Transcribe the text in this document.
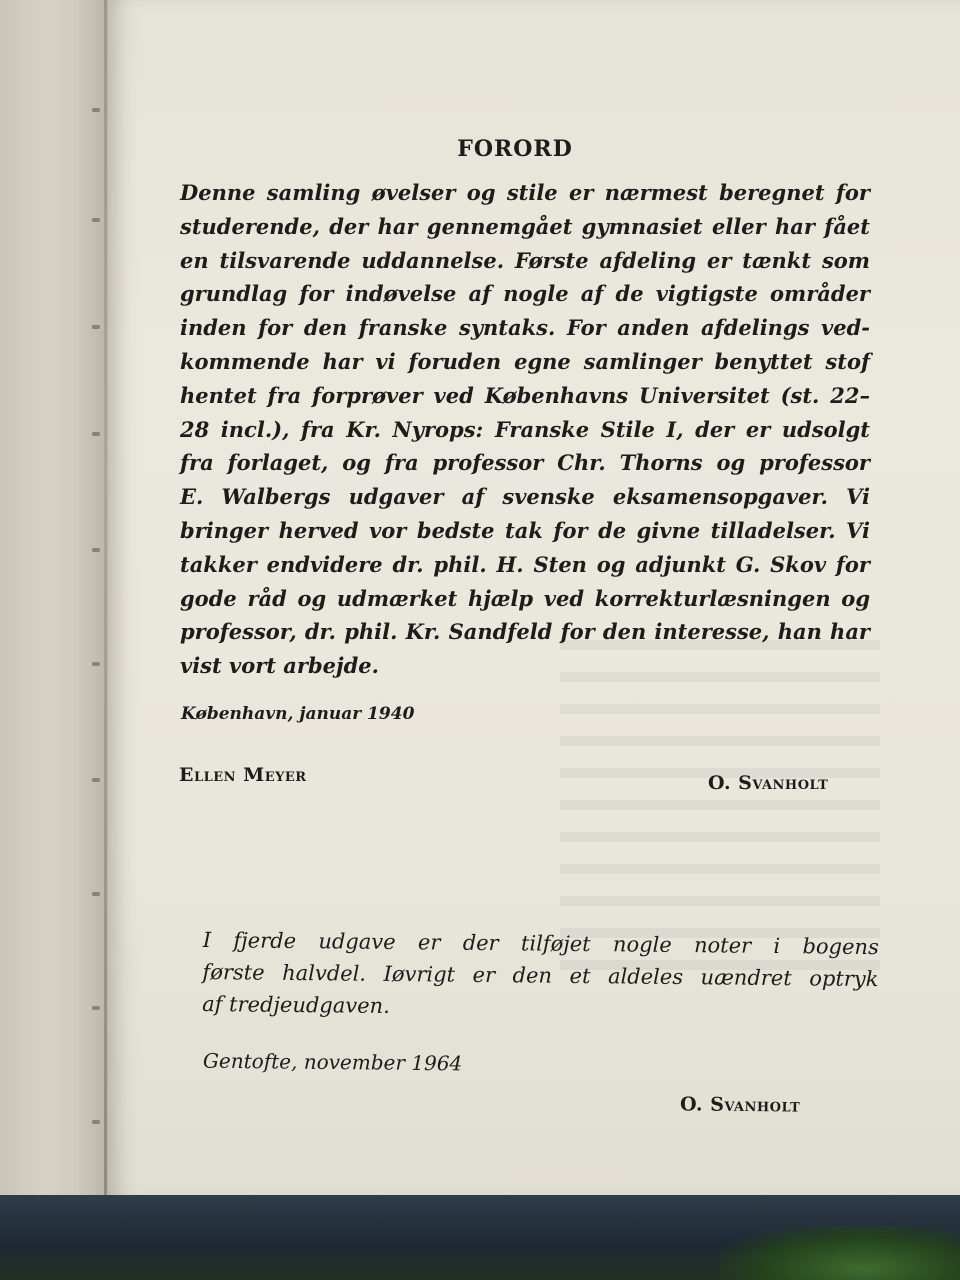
FORORD

Denne samling øvelser og stile er nærmest beregnet for
studerende, der har gennemgået gymnasiet eller har fået
en tilsvarende uddannelse. Første afdeling er tænkt som
grundlag for indøvelse af nogle af de vigtigste områder
inden for den franske syntaks. For anden afdelings ved-
kommende har vi foruden egne samlinger benyttet stof
hentet fra forprøver ved Københavns Universitet (st. 22–
28 incl.), fra Kr. Nyrops: Franske Stile I, der er udsolgt
fra forlaget, og fra professor Chr. Thorns og professor
E. Walbergs udgaver af svenske eksamensopgaver. Vi
bringer herved vor bedste tak for de givne tilladelser. Vi
takker endvidere dr. phil. H. Sten og adjunkt G. Skov for
gode råd og udmærket hjælp ved korrekturlæsningen og
professor, dr. phil. Kr. Sandfeld for den interesse, han har
vist vort arbejde.

København, januar 1940
Ellen Meyer	O. Svanholt

I fjerde udgave er der tilføjet nogle noter i bogens
første halvdel. Iøvrigt er den et aldeles uændret optryk
af tredjeudgaven.

Gentofte, november 1964
O. Svanholt
